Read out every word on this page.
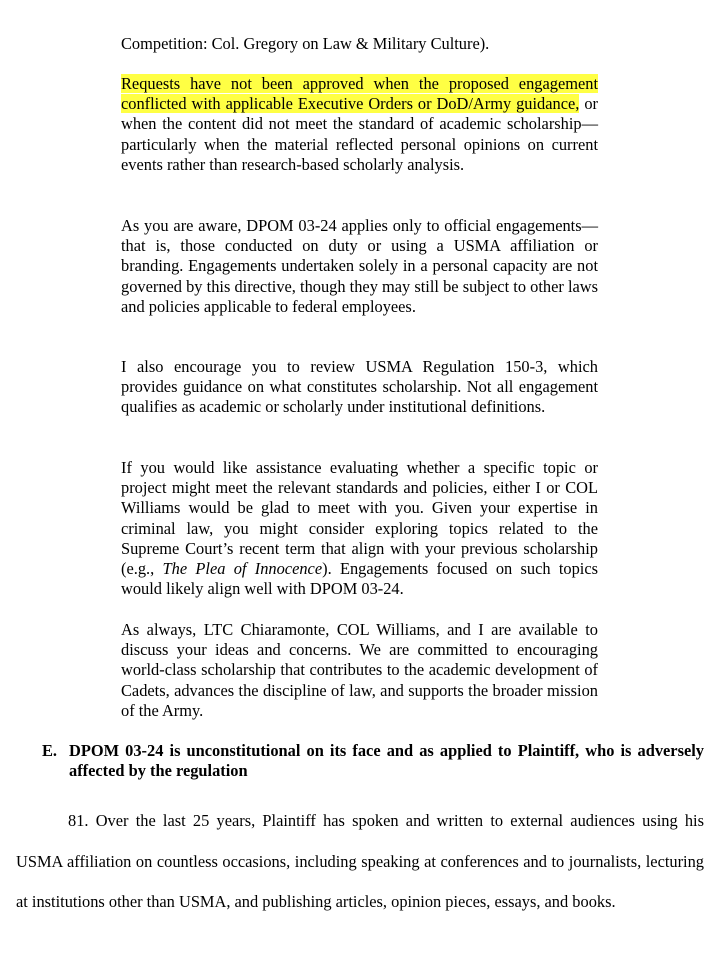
Competition: Col. Gregory on Law & Military Culture).

Requests have not been approved when the proposed engagement conflicted with applicable Executive Orders or DoD/Army guidance, or when the content did not meet the standard of academic scholarship—particularly when the material reflected personal opinions on current events rather than research-based scholarly analysis.

As you are aware, DPOM 03-24 applies only to official engagements—that is, those conducted on duty or using a USMA affiliation or branding. Engagements undertaken solely in a personal capacity are not governed by this directive, though they may still be subject to other laws and policies applicable to federal employees.

I also encourage you to review USMA Regulation 150-3, which provides guidance on what constitutes scholarship. Not all engagement qualifies as academic or scholarly under institutional definitions.

If you would like assistance evaluating whether a specific topic or project might meet the relevant standards and policies, either I or COL Williams would be glad to meet with you. Given your expertise in criminal law, you might consider exploring topics related to the Supreme Court’s recent term that align with your previous scholarship (e.g., The Plea of Innocence). Engagements focused on such topics would likely align well with DPOM 03-24.

As always, LTC Chiaramonte, COL Williams, and I are available to discuss your ideas and concerns. We are committed to encouraging world-class scholarship that contributes to the academic development of Cadets, advances the discipline of law, and supports the broader mission of the Army.

E. DPOM 03-24 is unconstitutional on its face and as applied to Plaintiff, who is adversely affected by the regulation

81. Over the last 25 years, Plaintiff has spoken and written to external audiences using his USMA affiliation on countless occasions, including speaking at conferences and to journalists, lecturing at institutions other than USMA, and publishing articles, opinion pieces, essays, and books.
